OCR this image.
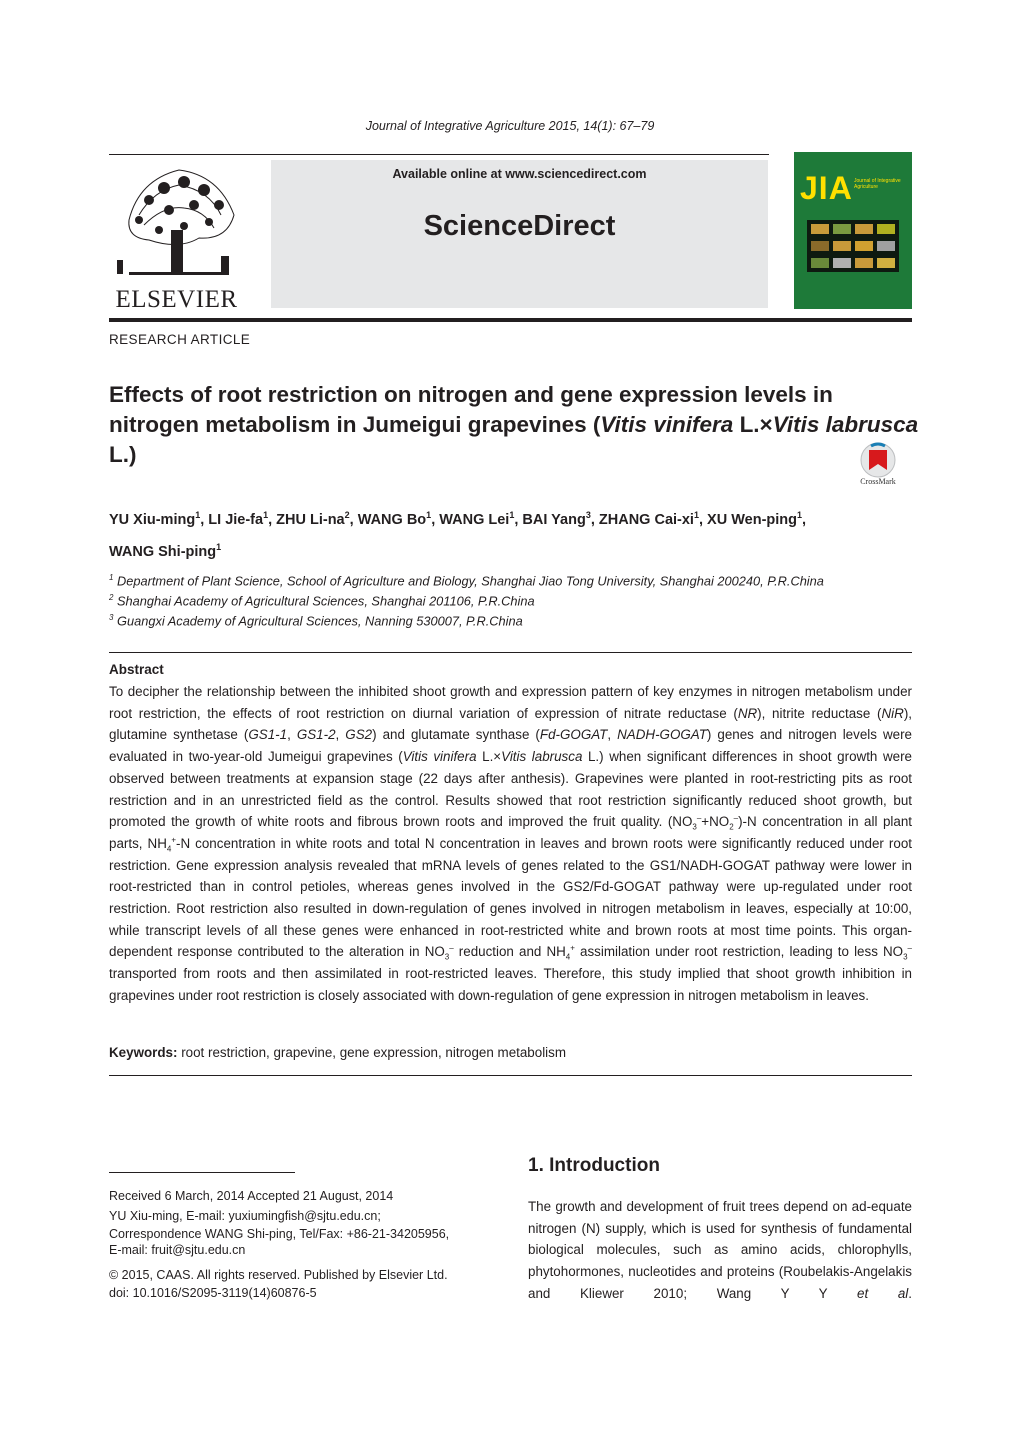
Journal of Integrative Agriculture 2015, 14(1): 67–79
ELSEVIER
Available online at www.sciencedirect.com
ScienceDirect
JIA Journal of Integrative Agriculture
RESEARCH ARTICLE
Effects of root restriction on nitrogen and gene expression levels in nitrogen metabolism in Jumeigui grapevines (Vitis vinifera L.×Vitis labrusca L.)
CrossMark
YU Xiu-ming$^1$, LI Jie-$fa^1$, ZHU $Li-na^2$, WANG Bo$^1$, WANG Lei$^1$, BAI Yang$^3$, ZHANG Cai-$xi^1$, XU Wen-ping$^1$, WANG Shi-ping$^1$
$^1$ Department of Plant Science, School of Agriculture and Biology, Shanghai Jiao Tong University, Shanghai 200240, P.R.China
$^2$ Shanghai Academy of Agricultural Sciences, Shanghai 201106, P.R.China
$^3$ Guangxi Academy of Agricultural Sciences, Nanning 530007, P.R.China
Abstract
To decipher the relationship between the inhibited shoot growth and expression pattern of key enzymes in nitrogen metabolism under root restriction, the effects of root restriction on diurnal variation of expression of nitrate reductase (NR), nitrite reductase (NiR), glutamine synthetase (GS1-1, GS1-2, GS2) and glutamate synthase (Fd-GOGAT, NADH-GOGAT) genes and nitrogen levels were evaluated in two-year-old Jumeigui grapevines (Vitis vinifera L.×Vitis labrusca L.) when significant differences in shoot growth were observed between treatments at expansion stage (22 days after anthesis). Grapevines were planted in root-restricting pits as root restriction and in an unrestricted field as the control. Results showed that root restriction significantly reduced shoot growth, but promoted the growth of white roots and fibrous brown roots and improved the fruit quality. $(NO_3^-+NO_2^-)-N$ concentration in all plant parts, $NH_4^+-N$ concentration in white roots and total N concentration in leaves and brown roots were significantly reduced under root restriction. Gene expression analysis revealed that mRNA levels of genes related to the GS1/NADH-GOGAT pathway were lower in root-restricted than in control petioles, whereas genes involved in the GS2/Fd-GOGAT pathway were up-regulated under root restriction. Root restriction also resulted in down-regulation of genes involved in nitrogen metabolism in leaves, especially at 10:00, while transcript levels of all these genes were enhanced in root-restricted white and brown roots at most time points. This organ-dependent response contributed to the alteration in $NO_3^-$ reduction and $NH_4^+$ assimilation under root restriction, leading to less $NO_3^-$ transported from roots and then assimilated in root-restricted leaves. Therefore, this study implied that shoot growth inhibition in grapevines under root restriction is closely associated with down-regulation of gene expression in nitrogen metabolism in leaves.
Keywords: root restriction, grapevine, gene expression, nitrogen metabolism
Received 6 March, 2014 Accepted 21 August, 2014
YU Xiu-ming, E-mail: yuxiumingfish@sjtu.edu.cn;
Correspondence WANG Shi-ping, Tel/Fax: +86-21-34205956,
E-mail: fruit@sjtu.edu.cn
© 2015, CAAS. All rights reserved. Published by Elsevier Ltd.
doi: 10.1016/S2095-3119(14)60876-5
1. Introduction
The growth and development of fruit trees depend on ad-equate nitrogen (N) supply, which is used for synthesis of fundamental biological molecules, such as amino acids, chlorophylls, phytohormones, nucleotides and proteins (Roubelakis-Angelakis and Kliewer 2010; Wang Y Y et al.
